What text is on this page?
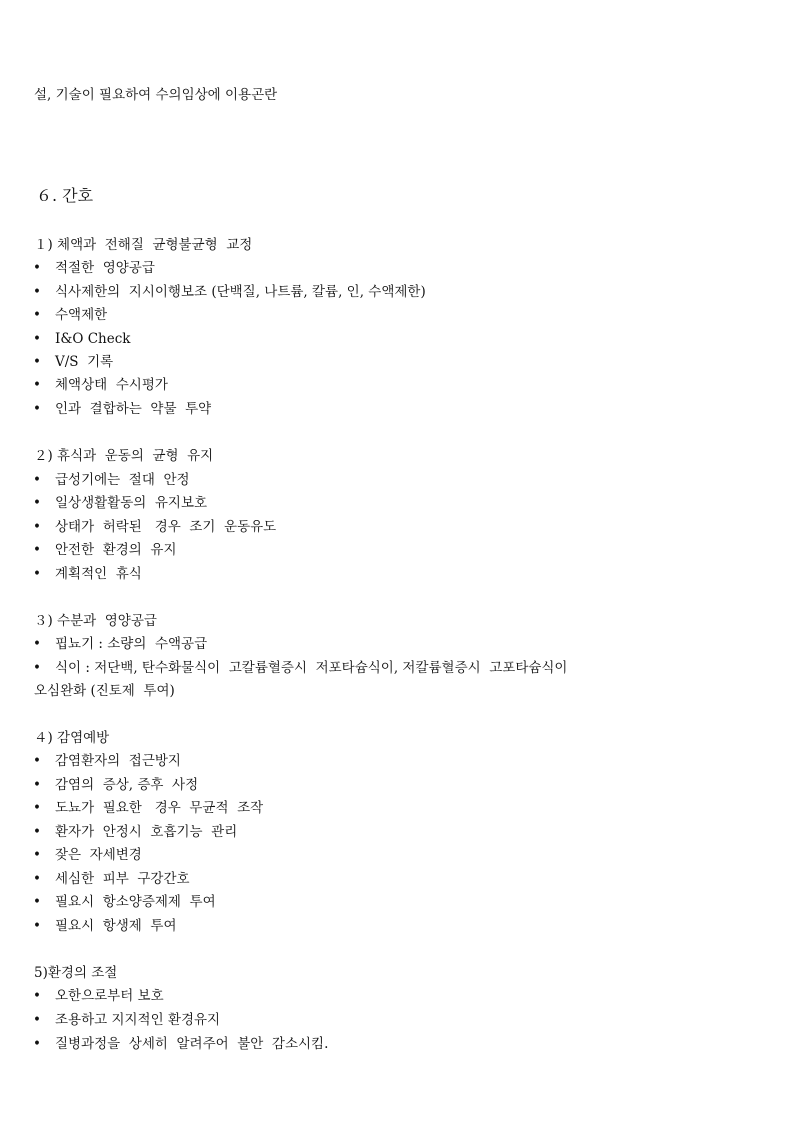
설, 기술이 필요하여 수의임상에 이용곤란
６. 간호
１) 체액과  전해질  균형불균형  교정
• 적절한  영양공급
• 식사제한의  지시이행보조 (단백질, 나트륨, 칼륨, 인, 수액제한)
• 수액제한
• I&O Check
• V/S  기록
• 체액상태  수시평가
• 인과  결합하는  약물  투약
２) 휴식과  운동의  균형  유지
• 급성기에는  절대  안정
• 일상생활활동의  유지보호
• 상태가  허락된   경우  조기  운동유도
• 안전한  환경의  유지
• 계획적인  휴식
３) 수분과  영양공급
• 핍뇨기 : 소량의  수액공급
• 식이 : 저단백, 탄수화물식이  고칼륨혈증시  저포타슘식이, 저칼륨혈증시  고포타슘식이
오심완화 (진토제  투여)
４) 감염예방
• 감염환자의  접근방지
• 감염의  증상, 증후  사정
• 도뇨가  필요한   경우  무균적  조작
• 환자가  안정시  호흡기능  관리
• 잦은  자세변경
• 세심한  피부  구강간호
• 필요시  항소양증제제  투여
• 필요시  항생제  투여
5)환경의 조절
• 오한으로부터 보호
• 조용하고 지지적인 환경유지
• 질병과정을  상세히  알려주어  불안  감소시킴.
